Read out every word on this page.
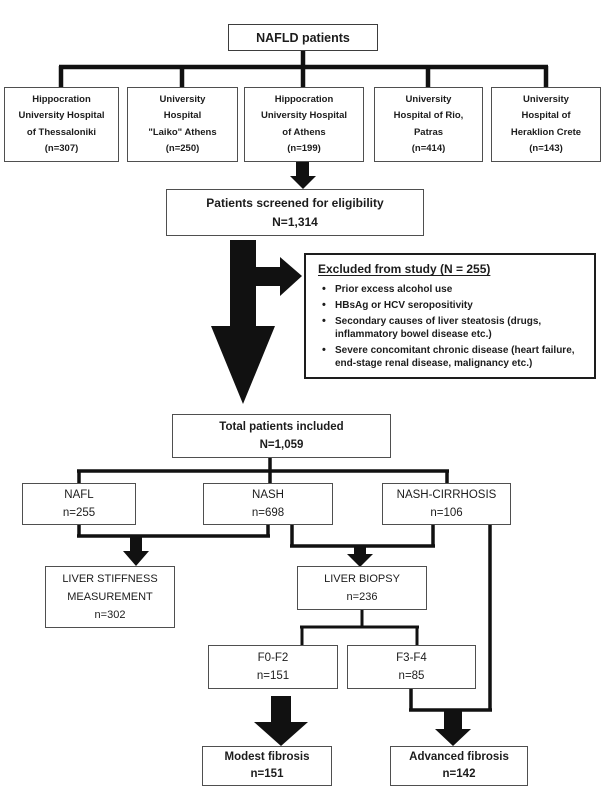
NAFLD patients
Hippocration
University Hospital
of Thessaloniki
(n=307)
University
Hospital
"Laiko" Athens
(n=250)
Hippocration
University Hospital
of Athens
(n=199)
University
Hospital of Rio,
Patras
(n=414)
University
Hospital of
Heraklion Crete
(n=143)
Patients screened for eligibility
N=1,314
Excluded from study (N = 255)
• Prior excess alcohol use
• HBsAg or HCV seropositivity
• Secondary causes of liver steatosis (drugs, inflammatory bowel disease etc.)
• Severe concomitant chronic disease (heart failure, end-stage renal disease, malignancy etc.)
Total patients included
N=1,059
NAFL
n=255
NASH
n=698
NASH-CIRRHOSIS
n=106
LIVER STIFFNESS
MEASUREMENT
n=302
LIVER BIOPSY
n=236
F0-F2
n=151
F3-F4
n=85
Modest fibrosis
n=151
Advanced fibrosis
n=142
